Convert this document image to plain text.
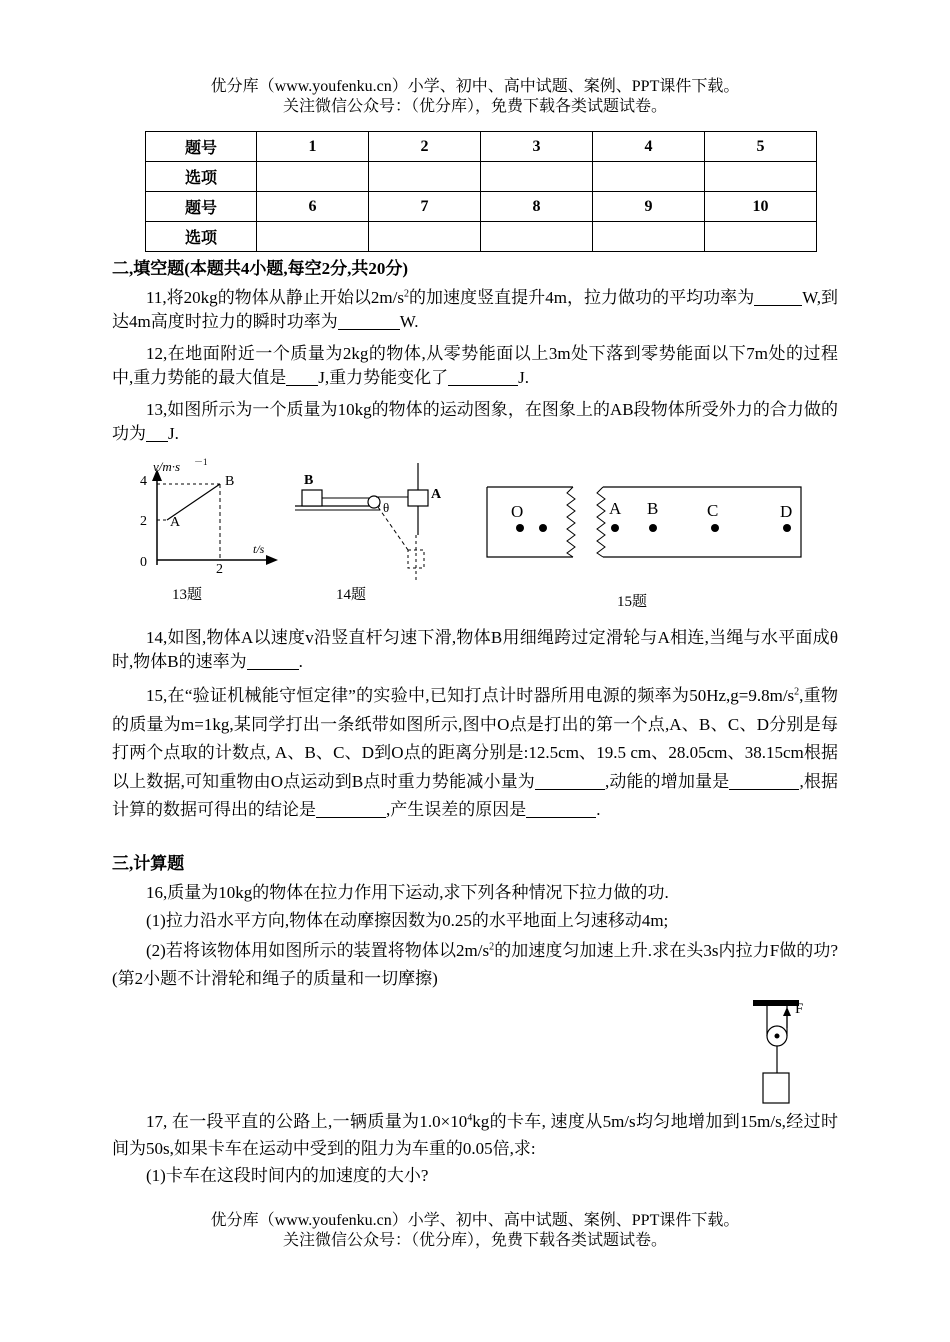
优分库（www.youfenku.cn）小学、初中、高中试题、案例、PPT课件下载。
关注微信公众号：（优分库），免费下载各类试题试卷。
题号	1	2	3	4	5
选项					
题号	6	7	8	9	10
选项					
二,填空题(本题共4小题,每空2分,共20分)
11,将20kg的物体从静止开始以$2m/s^2$的加速度竖直提升4m，拉力做功的平均功率为	W,到达4m高度时拉力的瞬时功率为	W.
12,在地面附近一个质量为2kg的物体,从零势能面以上3m处下落到零势能面以下7m处的过程中,重力势能的最大值是 J,重力势能变化了	J.
13,如图所示为一个质量为10kg的物体的运动图象，在图象上的AB段物体所受外力的合力做的功为 J.
v/m·s －1
4
2
0	2
t/s
A
B
13题
B
A
θ
14题
O	A B	C	D
15题
14,如图,物体A以速度v沿竖直杆匀速下滑,物体B用细绳跨过定滑轮与A相连,当绳与水平面成θ时,物体B的速率为	.
15,在“验证机械能守恒定律”的实验中,已知打点计时器所用电源的频率为$50Hz,g=9.8m/s^2$,重物的质量为m=1kg,某同学打出一条纸带如图所示,图中O点是打出的第一个点,A、B、C、D分别是每打两个点取的计数点, A、B、C、D到O点的距离分别是:12.5cm、19.5 cm、28.05cm、38.15cm根据以上数据,可知重物由O点运动到B点时重力势能减小量为	,动能的增加量是	,根据计算的数据可得出的结论是	,产生误差的原因是	.
三,计算题
16,质量为10kg的物体在拉力作用下运动,求下列各种情况下拉力做的功.
(1)拉力沿水平方向,物体在动摩擦因数为0.25的水平地面上匀速移动4m;
(2)若将该物体用如图所示的装置将物体以$2m/s^2$的加速度匀加速上升.求在头3s内拉力F做的功?(第2小题不计滑轮和绳子的质量和一切摩擦)
F
17, 在一段平直的公路上,一辆质量为$1.0\times 10^4kg$的卡车, 速度从5m/s均匀地增加到15m/s,经过时间为50s,如果卡车在运动中受到的阻力为车重的0.05倍,求:
(1)卡车在这段时间内的加速度的大小?
优分库（www.youfenku.cn）小学、初中、高中试题、案例、PPT课件下载。
关注微信公众号：（优分库），免费下载各类试题试卷。
